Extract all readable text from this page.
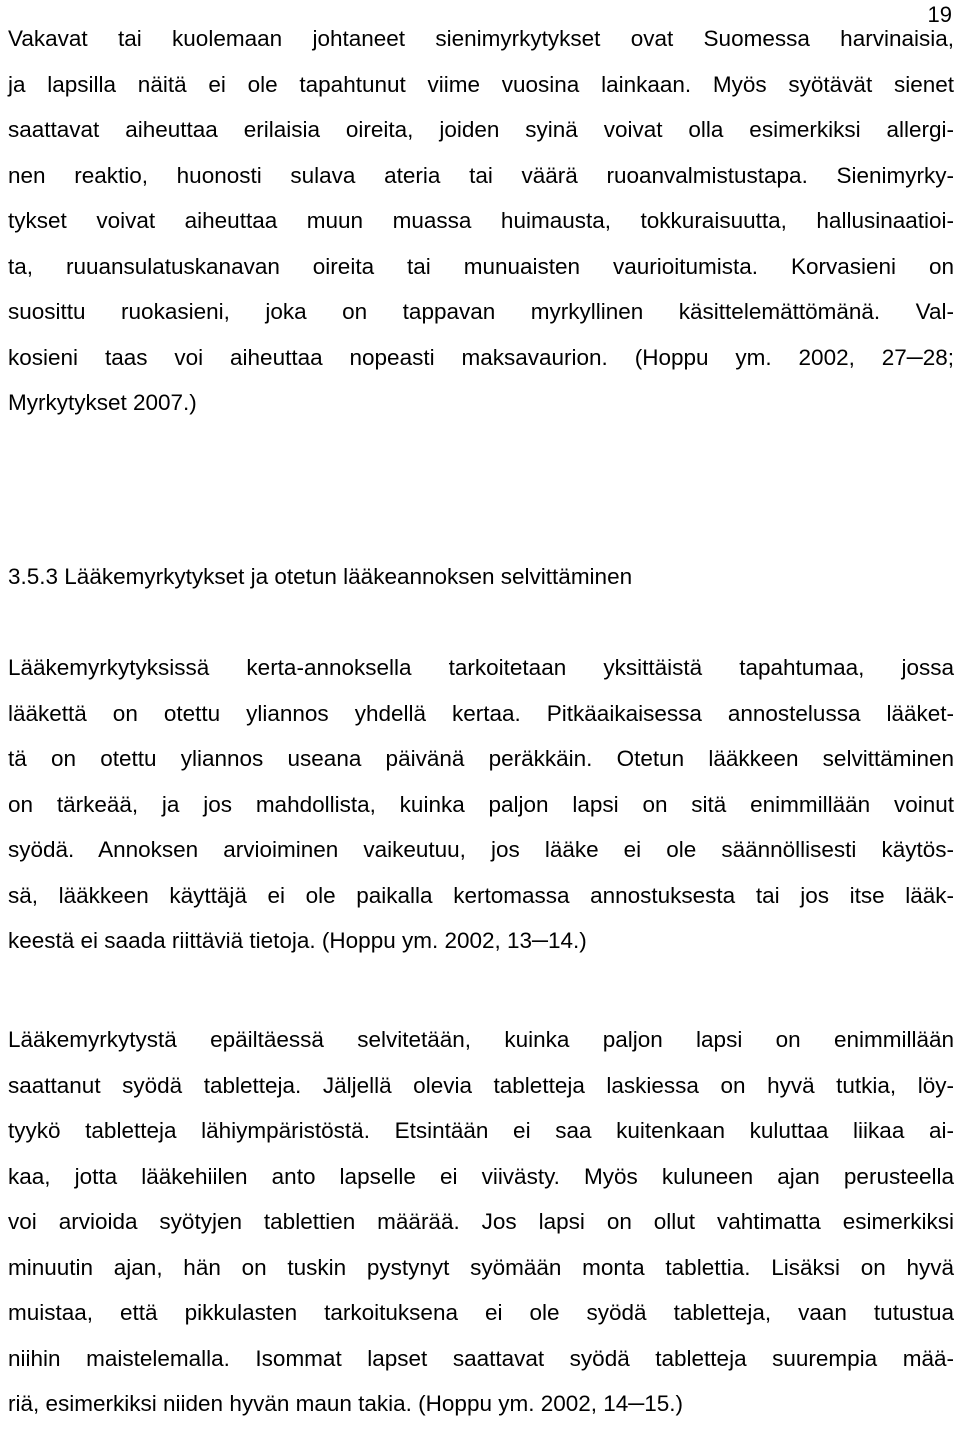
19
Vakavat tai kuolemaan johtaneet sienimyrkytykset ovat Suomessa harvinaisia,
ja lapsilla näitä ei ole tapahtunut viime vuosina lainkaan. Myös syötävät sienet
saattavat aiheuttaa erilaisia oireita, joiden syinä voivat olla esimerkiksi allergi-
nen reaktio, huonosti sulava ateria tai väärä ruoanvalmistustapa. Sienimyrky-
tykset voivat aiheuttaa muun muassa huimausta, tokkuraisuutta, hallusinaatioi-
ta, ruuansulatuskanavan oireita tai munuaisten vaurioitumista. Korvasieni on
suosittu ruokasieni, joka on tappavan myrkyllinen käsittelemättömänä. Val-
kosieni taas voi aiheuttaa nopeasti maksavaurion. (Hoppu ym. 2002, 27─28;
Myrkytykset 2007.)
3.5.3 Lääkemyrkytykset ja otetun lääkeannoksen selvittäminen
Lääkemyrkytyksissä kerta-annoksella tarkoitetaan yksittäistä tapahtumaa, jossa
lääkettä on otettu yliannos yhdellä kertaa. Pitkäaikaisessa annostelussa lääket-
tä on otettu yliannos useana päivänä peräkkäin. Otetun lääkkeen selvittäminen
on tärkeää, ja jos mahdollista, kuinka paljon lapsi on sitä enimmillään voinut
syödä. Annoksen arvioiminen vaikeutuu, jos lääke ei ole säännöllisesti käytös-
sä, lääkkeen käyttäjä ei ole paikalla kertomassa annostuksesta tai jos itse lääk-
keestä ei saada riittäviä tietoja. (Hoppu ym. 2002, 13─14.)
Lääkemyrkytystä epäiltäessä selvitetään, kuinka paljon lapsi on enimmillään
saattanut syödä tabletteja. Jäljellä olevia tabletteja laskiessa on hyvä tutkia, löy-
tyykö tabletteja lähiympäristöstä. Etsintään ei saa kuitenkaan kuluttaa liikaa ai-
kaa, jotta lääkehiilen anto lapselle ei viivästy. Myös kuluneen ajan perusteella
voi arvioida syötyjen tablettien määrää. Jos lapsi on ollut vahtimatta esimerkiksi
minuutin ajan, hän on tuskin pystynyt syömään monta tablettia. Lisäksi on hyvä
muistaa, että pikkulasten tarkoituksena ei ole syödä tabletteja, vaan tutustua
niihin maistelemalla. Isommat lapset saattavat syödä tabletteja suurempia mää-
riä, esimerkiksi niiden hyvän maun takia. (Hoppu ym. 2002, 14─15.)
